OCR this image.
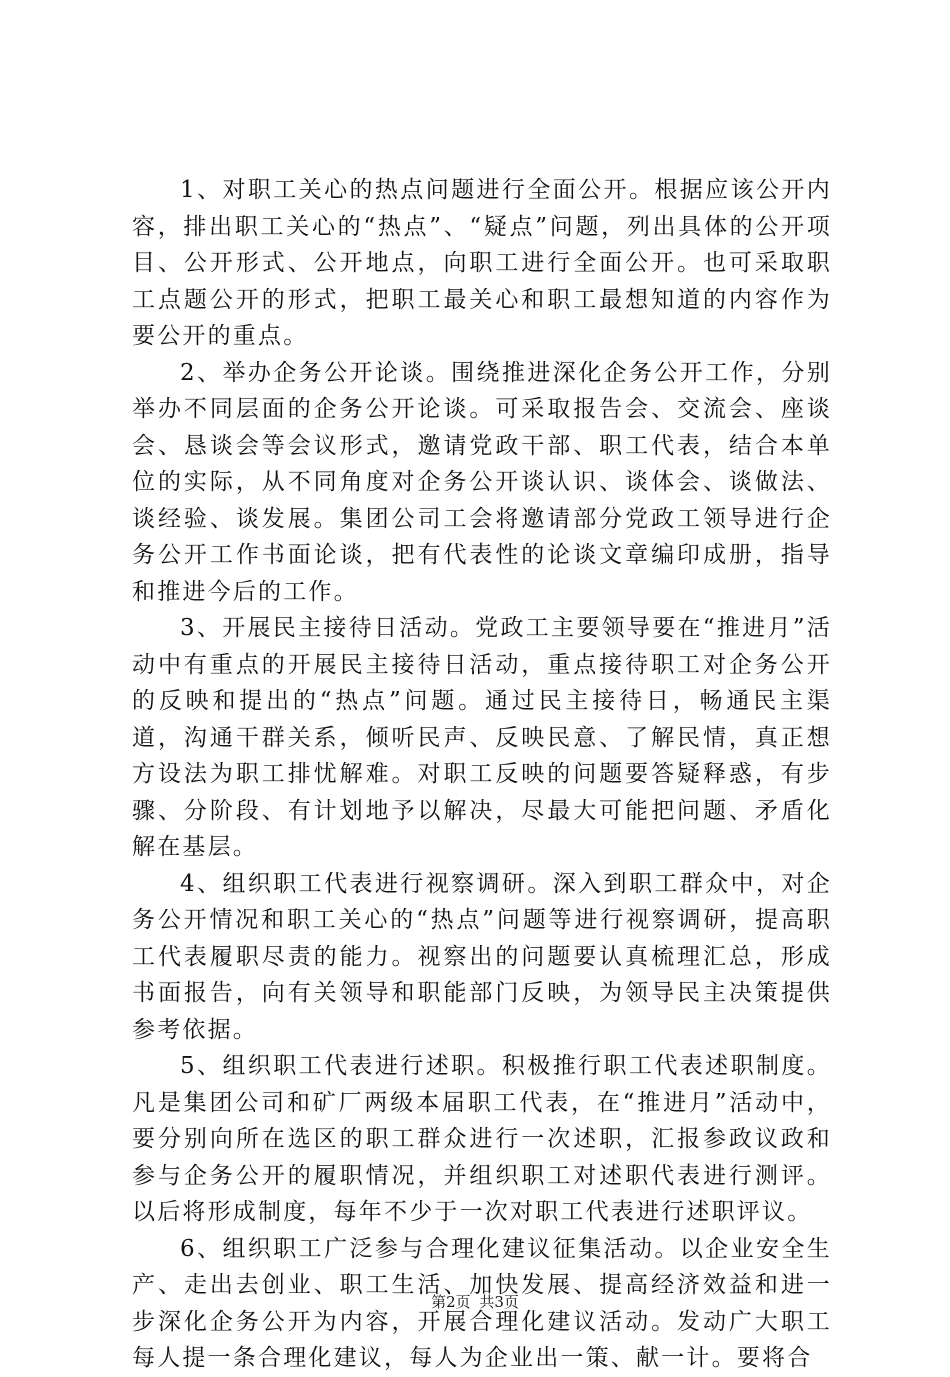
1、对职工关心的热点问题进行全面公开。根据应该公开内容，排出职工关心的“热点”、“疑点”问题，列出具体的公开项目、公开形式、公开地点，向职工进行全面公开。也可采取职工点题公开的形式，把职工最关心和职工最想知道的内容作为要公开的重点。

2、举办企务公开论谈。围绕推进深化企务公开工作，分别举办不同层面的企务公开论谈。可采取报告会、交流会、座谈会、恳谈会等会议形式，邀请党政干部、职工代表，结合本单位的实际，从不同角度对企务公开谈认识、谈体会、谈做法、谈经验、谈发展。集团公司工会将邀请部分党政工领导进行企务公开工作书面论谈，把有代表性的论谈文章编印成册，指导和推进今后的工作。

3、开展民主接待日活动。党政工主要领导要在“推进月”活动中有重点的开展民主接待日活动，重点接待职工对企务公开的反映和提出的“热点”问题。通过民主接待日，畅通民主渠道，沟通干群关系，倾听民声、反映民意、了解民情，真正想方设法为职工排忧解难。对职工反映的问题要答疑释惑，有步骤、分阶段、有计划地予以解决，尽最大可能把问题、矛盾化解在基层。

4、组织职工代表进行视察调研。深入到职工群众中，对企务公开情况和职工关心的“热点”问题等进行视察调研，提高职工代表履职尽责的能力。视察出的问题要认真梳理汇总，形成书面报告，向有关领导和职能部门反映，为领导民主决策提供参考依据。

5、组织职工代表进行述职。积极推行职工代表述职制度。凡是集团公司和矿厂两级本届职工代表，在“推进月”活动中，要分别向所在选区的职工群众进行一次述职，汇报参政议政和参与企务公开的履职情况，并组织职工对述职代表进行测评。以后将形成制度，每年不少于一次对职工代表进行述职评议。

6、组织职工广泛参与合理化建议征集活动。以企业安全生产、走出去创业、职工生活、加快发展、提高经济效益和进一步深化企务公开为内容，开展合理化建议活动。发动广大职工每人提一条合理化建议，每人为企业出一策、献一计。要将合

第2页 共3页
